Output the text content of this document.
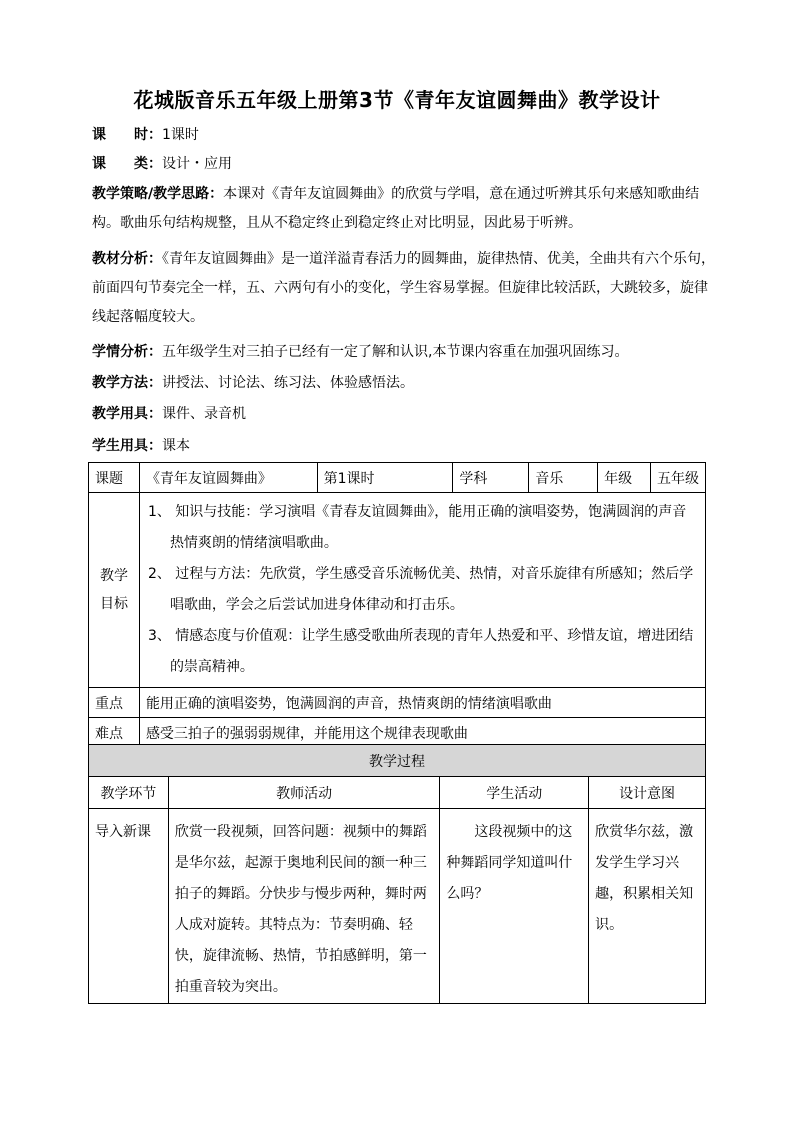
花城版音乐五年级上册第3节《青年友谊圆舞曲》教学设计
课　　时：1课时
课　　类：设计・应用
教学策略/教学思路：本课对《青年友谊圆舞曲》的欣赏与学唱，意在通过听辨其乐句来感知歌曲结构。歌曲乐句结构规整，且从不稳定终止到稳定终止对比明显，因此易于听辨。
教材分析：《青年友谊圆舞曲》是一道洋溢青春活力的圆舞曲，旋律热情、优美，全曲共有六个乐句，前面四句节奏完全一样，五、六两句有小的变化，学生容易掌握。但旋律比较活跃，大跳较多，旋律线起落幅度较大。
学情分析：五年级学生对三拍子已经有一定了解和认识,本节课内容重在加强巩固练习。
教学方法：讲授法、讨论法、练习法、体验感悟法。
教学用具：课件、录音机
学生用具：课本
课题	《青年友谊圆舞曲》	第1课时	学科	音乐	年级	五年级
教学目标	1、 知识与技能：学习演唱《青春友谊圆舞曲》，能用正确的演唱姿势，饱满圆润的声音热情爽朗的情绪演唱歌曲。
2、 过程与方法：先欣赏，学生感受音乐流畅优美、热情，对音乐旋律有所感知；然后学唱歌曲，学会之后尝试加进身体律动和打击乐。
3、 情感态度与价值观：让学生感受歌曲所表现的青年人热爱和平、珍惜友谊，增进团结的崇高精神。					

重点	能用正确的演唱姿势，饱满圆润的声音，热情爽朗的情绪演唱歌曲					
难点	感受三拍子的强弱弱规律，并能用这个规律表现歌曲					
教学过程			
教学环节	教师活动	学生活动	设计意图
导入新课	欣赏一段视频，回答问题：视频中的舞蹈是华尔兹，起源于奥地利民间的额一种三拍子的舞蹈。分快步与慢步两种，舞时两人成对旋转。其特点为：节奏明确、轻快，旋律流畅、热情，节拍感鲜明，第一拍重音较为突出。	这段视频中的这种舞蹈同学知道叫什么吗？	欣赏华尔兹，激发学生学习兴趣，积累相关知识。
